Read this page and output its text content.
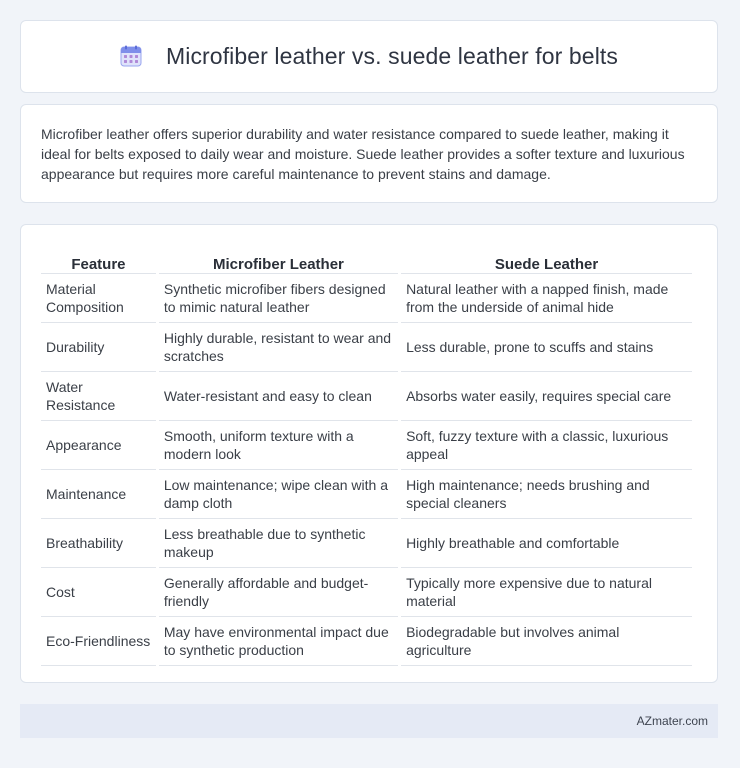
Microfiber leather vs. suede leather for belts

Microfiber leather offers superior durability and water resistance compared to suede leather, making it ideal for belts exposed to daily wear and moisture. Suede leather provides a softer texture and luxurious appearance but requires more careful maintenance to prevent stains and damage.

Feature	Microfiber Leather	Suede Leather
Material Composition	Synthetic microfiber fibers designed to mimic natural leather	Natural leather with a napped finish, made from the underside of animal hide
Durability	Highly durable, resistant to wear and scratches	Less durable, prone to scuffs and stains
Water Resistance	Water-resistant and easy to clean	Absorbs water easily, requires special care
Appearance	Smooth, uniform texture with a modern look	Soft, fuzzy texture with a classic, luxurious appeal
Maintenance	Low maintenance; wipe clean with a damp cloth	High maintenance; needs brushing and special cleaners
Breathability	Less breathable due to synthetic makeup	Highly breathable and comfortable
Cost	Generally affordable and budget-friendly	Typically more expensive due to natural material
Eco-Friendliness	May have environmental impact due to synthetic production	Biodegradable but involves animal agriculture
AZmater.com
